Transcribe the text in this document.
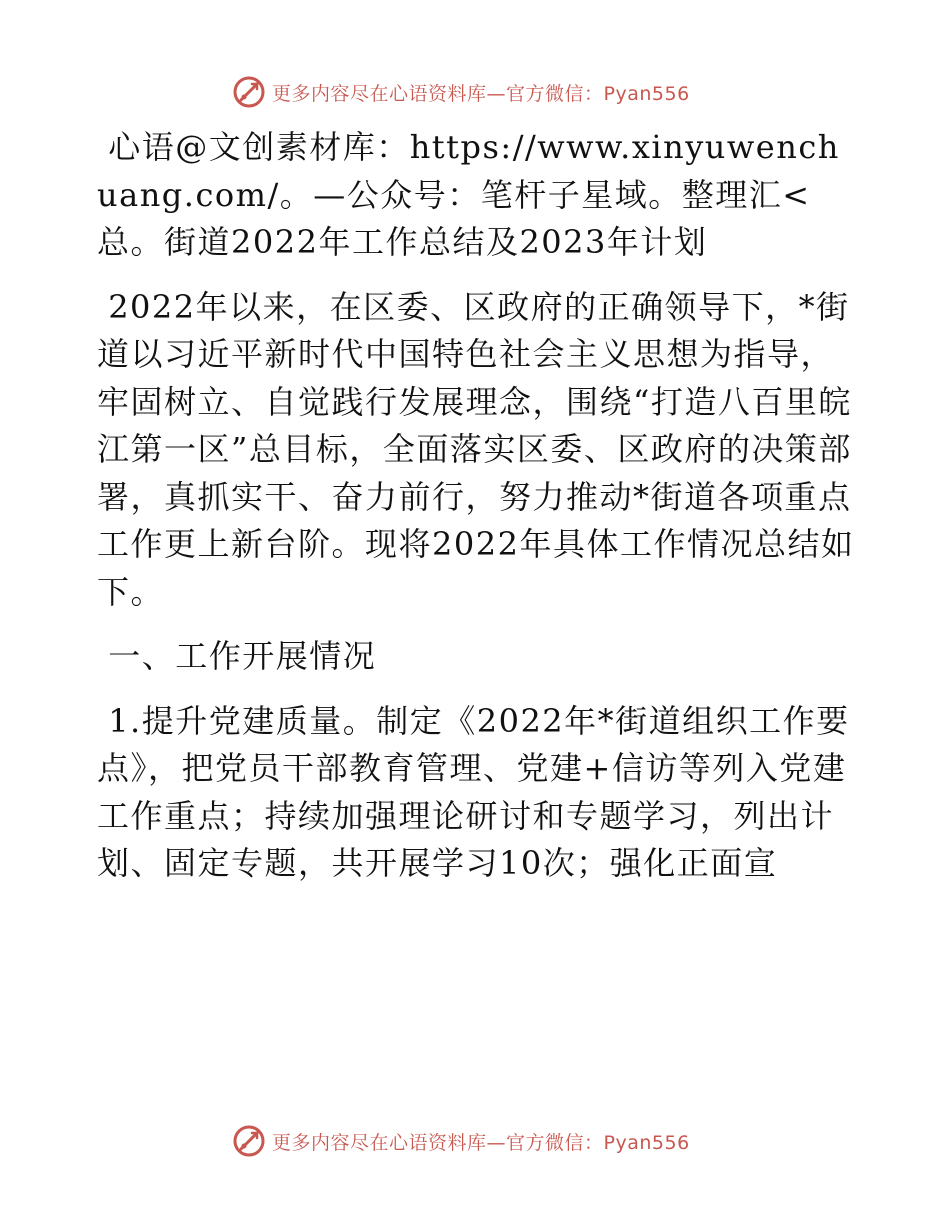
更多内容尽在心语资料库—官方微信：Pyan556

心语@文创素材库：https://www.xinyuwenchuang.com/。—公众号：笔杆子星域。整理汇<总。街道2022年工作总结及2023年计划

2022年以来，在区委、区政府的正确领导下，*街道以习近平新时代中国特色社会主义思想为指导，牢固树立、自觉践行发展理念，围绕“打造八百里皖江第一区”总目标，全面落实区委、区政府的决策部署，真抓实干、奋力前行，努力推动*街道各项重点工作更上新台阶。现将2022年具体工作情况总结如下。

一、工作开展情况

1.提升党建质量。制定《2022年*街道组织工作要点》，把党员干部教育管理、党建+信访等列入党建工作重点；持续加强理论研讨和专题学习，列出计划、固定专题，共开展学习10次；强化正面宣

更多内容尽在心语资料库—官方微信：Pyan556
